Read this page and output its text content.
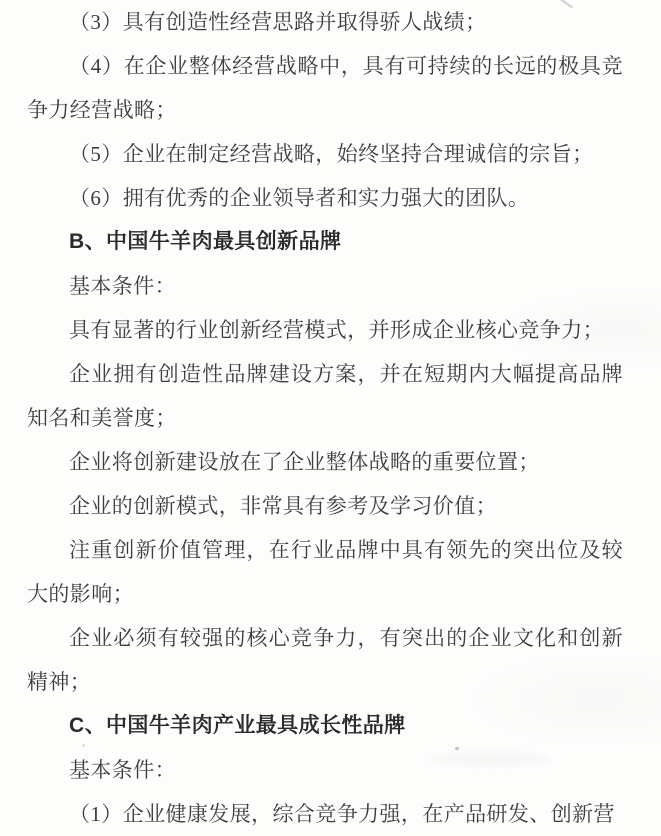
（3）具有创造性经营思路并取得骄人战绩；

（4）在企业整体经营战略中，具有可持续的长远的极具竞争力经营战略；

（5）企业在制定经营战略，始终坚持合理诚信的宗旨；

（6）拥有优秀的企业领导者和实力强大的团队。

B、中国牛羊肉最具创新品牌

基本条件：

具有显著的行业创新经营模式，并形成企业核心竞争力；

企业拥有创造性品牌建设方案，并在短期内大幅提高品牌知名和美誉度；

企业将创新建设放在了企业整体战略的重要位置；

企业的创新模式，非常具有参考及学习价值；

注重创新价值管理，在行业品牌中具有领先的突出位及较大的影响；

企业必须有较强的核心竞争力，有突出的企业文化和创新精神；

C、中国牛羊肉产业最具成长性品牌

基本条件：

（1）企业健康发展，综合竞争力强，在产品研发、创新营
